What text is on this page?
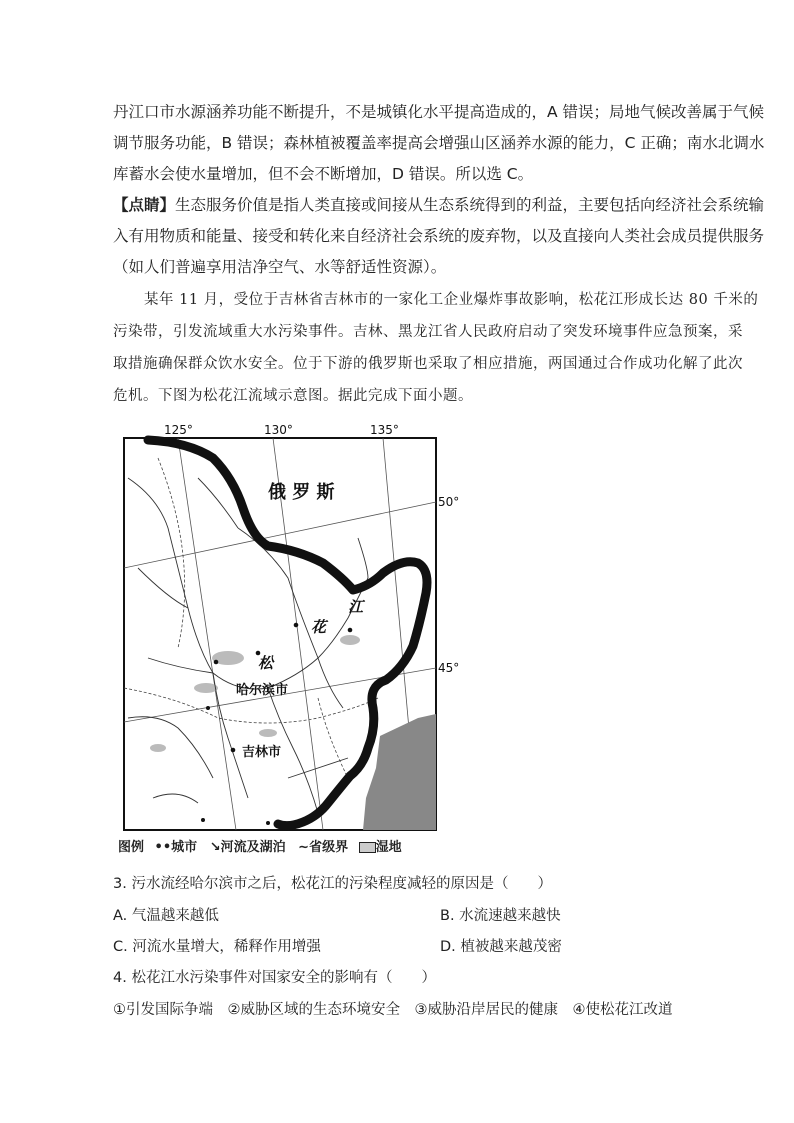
丹江口市水源涵养功能不断提升，不是城镇化水平提高造成的，A 错误；局地气候改善属于气候
调节服务功能，B 错误；森林植被覆盖率提高会增强山区涵养水源的能力，C 正确；南水北调水
库蓄水会使水量增加，但不会不断增加，D 错误。所以选 C。
【点睛】生态服务价值是指人类直接或间接从生态系统得到的利益，主要包括向经济社会系统输
入有用物质和能量、接受和转化来自经济社会系统的废弃物，以及直接向人类社会成员提供服务
（如人们普遍享用洁净空气、水等舒适性资源）。
某年 11 月，受位于吉林省吉林市的一家化工企业爆炸事故影响，松花江形成长达 80 千米的
污染带，引发流域重大水污染事件。吉林、黑龙江省人民政府启动了突发环境事件应急预案，采
取措施确保群众饮水安全。位于下游的俄罗斯也采取了相应措施，两国通过合作成功化解了此次
危机。下图为松花江流域示意图。据此完成下面小题。
125°	130°	135°
50°
45°
俄 罗 斯
江
花
松
哈尔滨市
吉林市
图例 ••城市 ↘河流及湖泊 ∼省级界 湿地
3. 污水流经哈尔滨市之后，松花江的污染程度减轻的原因是（　　）
A. 气温越来越低	B. 水流速越来越快
C. 河流水量增大，稀释作用增强	D. 植被越来越茂密
4. 松花江水污染事件对国家安全的影响有（　　）
①引发国际争端　②威胁区域的生态环境安全　③威胁沿岸居民的健康　④使松花江改道
